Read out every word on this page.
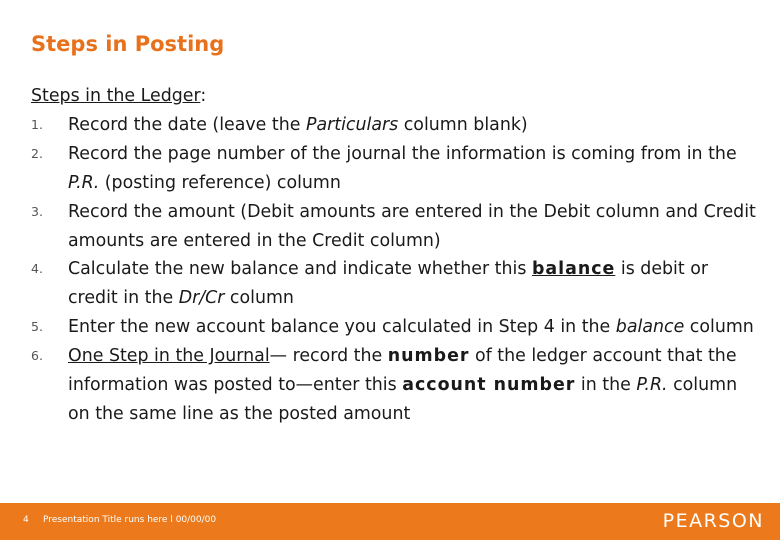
Steps in Posting
Steps in the Ledger:
1. Record the date (leave the Particulars column blank)
2. Record the page number of the journal the information is coming from in the P.R. (posting reference) column
3. Record the amount (Debit amounts are entered in the Debit column and Credit amounts are entered in the Credit column)
4. Calculate the new balance and indicate whether this balance is debit or credit in the Dr/Cr column
5. Enter the new account balance you calculated in Step 4 in the balance column
6. One Step in the Journal— record the number of the ledger account that the information was posted to—enter this account number in the P.R. column on the same line as the posted amount
4 Presentation Title runs here l 00/00/00	PEARSON
